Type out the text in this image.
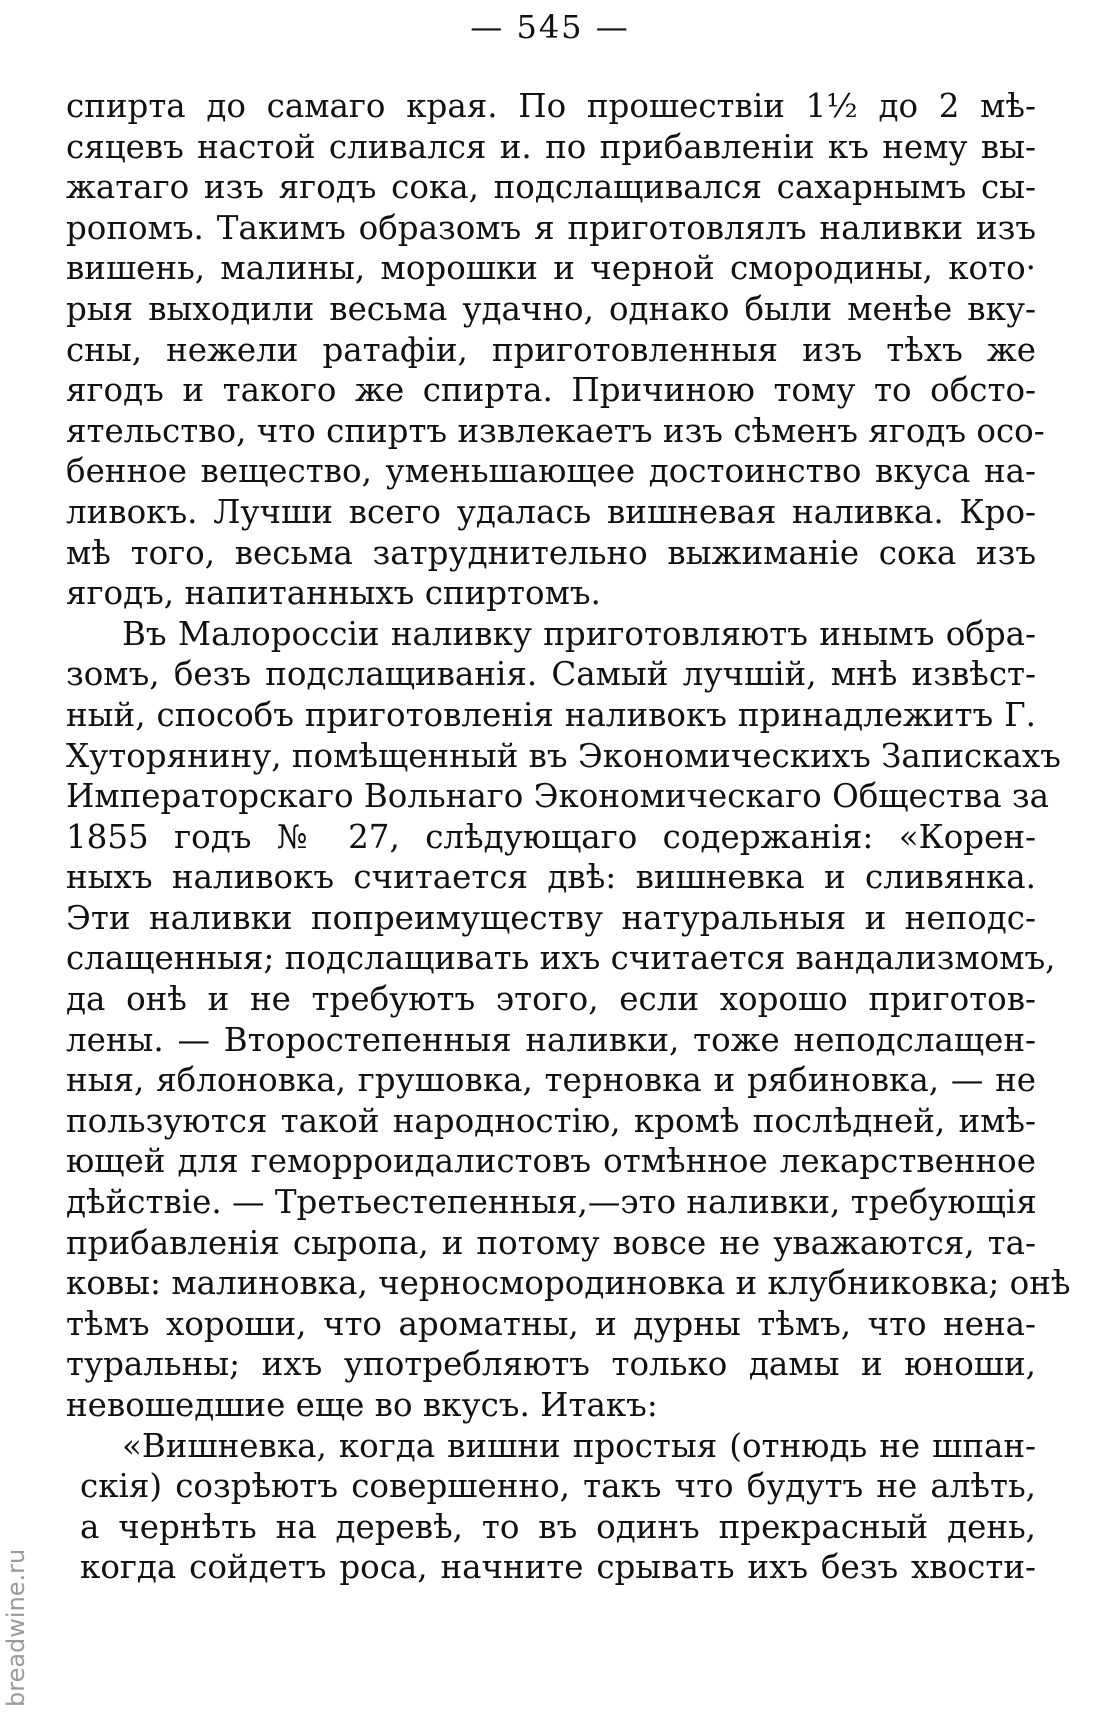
— 545 —
спирта до самаго края. По прошествіи 1½ до 2 мѣ-
сяцевъ настой сливался и. по прибавленіи къ нему вы-
жатаго изъ ягодъ сока, подслащивался сахарнымъ сы-
ропомъ. Такимъ образомъ я приготовлялъ наливки изъ
вишень, малины, морошки и черной смородины, кото·
рыя выходили весьма удачно, однако были менѣе вку-
сны, нежели ратафіи, приготовленныя изъ тѣхъ же
ягодъ и такого же спирта. Причиною тому то обсто-
ятельство, что спиртъ извлекаетъ изъ сѣменъ ягодъ осо-
бенное вещество, уменьшающее достоинство вкуса на-
ливокъ. Лучши всего удалась вишневая наливка. Кро-
мѣ того, весьма затруднительно выжиманіе сока изъ
ягодъ, напитанныхъ спиртомъ.
Въ Малороссіи наливку приготовляютъ инымъ обра-
зомъ, безъ подслащиванія. Самый лучшій, мнѣ извѣст-
ный, способъ приготовленія наливокъ принадлежитъ Г.
Хуторянину, помѣщенный въ Экономическихъ Запискахъ
Императорскаго Вольнаго Экономическаго Общества за
1855 годъ № 27, слѣдующаго содержанія: «Корен-
ныхъ наливокъ считается двѣ: вишневка и сливянка.
Эти наливки попреимуществу натуральныя и неподс-
слащенныя; подслащивать ихъ считается вандализмомъ,
да онѣ и не требуютъ этого, если хорошо приготов-
лены. — Второстепенныя наливки, тоже неподслащен-
ныя, яблоновка, грушовка, терновка и рябиновка, — не
пользуются такой народностію, кромѣ послѣдней, имѣ-
ющей для геморроидалистовъ отмѣнное лекарственное
дѣйствіе. — Третьестепенныя,—это наливки, требующія
прибавленія сыропа, и потому вовсе не уважаются, та-
ковы: малиновка, черносмородиновка и клубниковка; онѣ
тѣмъ хороши, что ароматны, и дурны тѣмъ, что нена-
туральны; ихъ употребляютъ только дамы и юноши,
невошедшие еще во вкусъ. Итакъ:
«Вишневка, когда вишни простыя (отнюдь не шпан-
скія) созрѣютъ совершенно, такъ что будутъ не алѣть,
а чернѣть на деревѣ, то въ одинъ прекрасный день,
когда сойдетъ роса, начните срывать ихъ безъ хвости-
breadwine.ru
